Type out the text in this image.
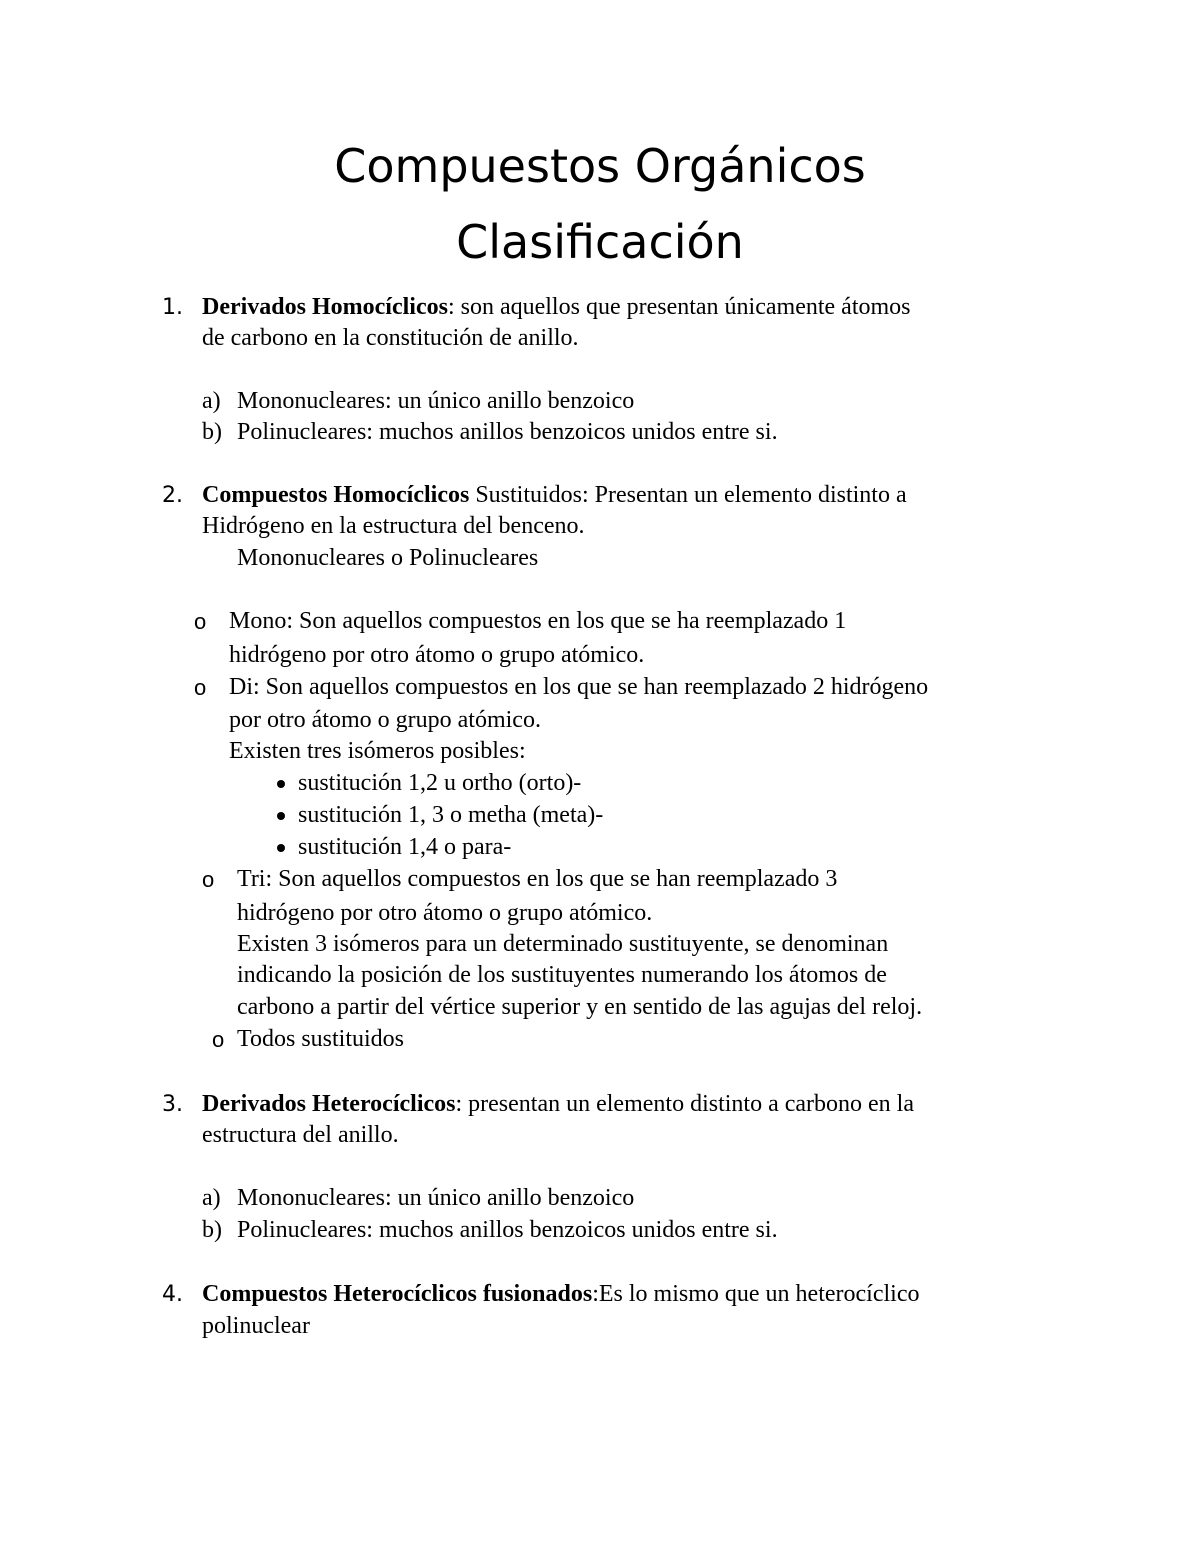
Compuestos Orgánicos
Clasificación
1. Derivados Homocíclicos: son aquellos que presentan únicamente átomos
de carbono en la constitución de anillo.
a) Mononucleares: un único anillo benzoico
b) Polinucleares: muchos anillos benzoicos unidos entre si.
2. Compuestos Homocíclicos Sustituidos: Presentan un elemento distinto a
Hidrógeno en la estructura del benceno.
Mononucleares o Polinucleares
o Mono: Son aquellos compuestos en los que se ha reemplazado 1
hidrógeno por otro átomo o grupo atómico.
o Di: Son aquellos compuestos en los que se han reemplazado 2 hidrógeno
por otro átomo o grupo atómico.
Existen tres isómeros posibles:
sustitución 1,2 u ortho (orto)-
sustitución 1, 3 o metha (meta)-
sustitución 1,4 o para-
o Tri: Son aquellos compuestos en los que se han reemplazado 3
hidrógeno por otro átomo o grupo atómico.
Existen 3 isómeros para un determinado sustituyente, se denominan
indicando la posición de los sustituyentes numerando los átomos de
carbono a partir del vértice superior y en sentido de las agujas del reloj.
o Todos sustituidos
3. Derivados Heterocíclicos: presentan un elemento distinto a carbono en la
estructura del anillo.
a) Mononucleares: un único anillo benzoico
b) Polinucleares: muchos anillos benzoicos unidos entre si.
4. Compuestos Heterocíclicos fusionados:Es lo mismo que un heterocíclico
polinuclear
